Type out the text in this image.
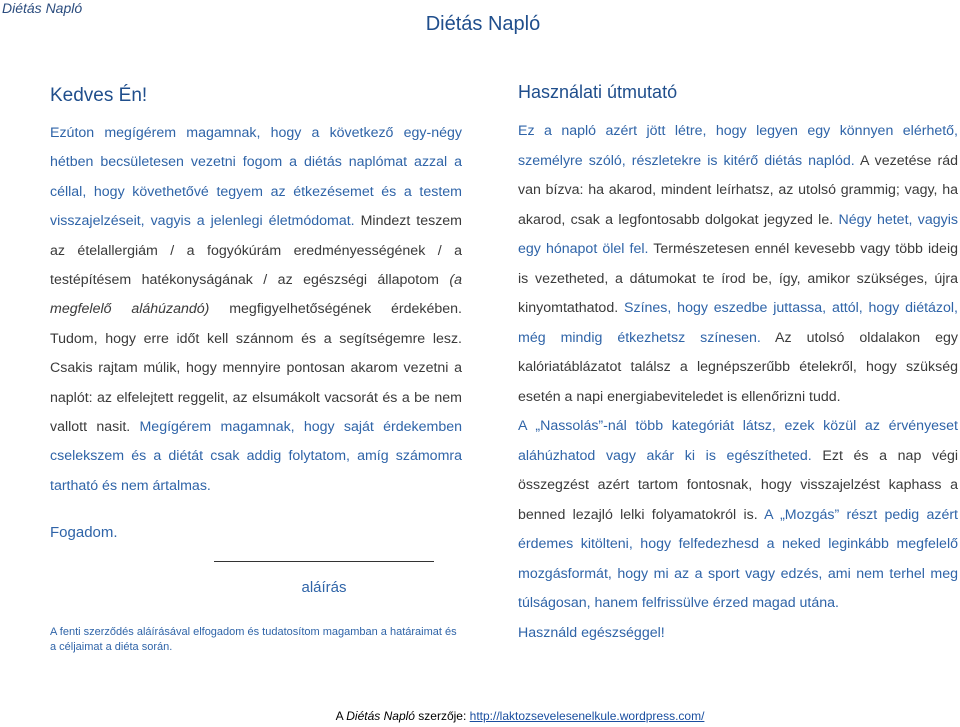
Diétás Napló
Diétás Napló
Kedves Én!

Ezúton megígérem magamnak, hogy a következő egy-négy hétben becsületesen vezetni fogom a diétás naplómat azzal a céllal, hogy követhetővé tegyem az étkezésemet és a testem visszajelzéseit, vagyis a jelenlegi életmódomat. Mindezt teszem az ételallergiám / a fogyókúrám eredményességének / a testépítésem hatékonyságának / az egészségi állapotom (a megfelelő aláhúzandó) megfigyelhetőségének érdekében. Tudom, hogy erre időt kell szánnom és a segítségemre lesz. Csakis rajtam múlik, hogy mennyire pontosan akarom vezetni a naplót: az elfelejtett reggelit, az elsumákolt vacsorát és a be nem vallott nasit. Megígérem magamnak, hogy saját érdekemben cselekszem és a diétát csak addig folytatom, amíg számomra tartható és nem ártalmas.

Fogadom.
aláírás

A fenti szerződés aláírásával elfogadom és tudatosítom magamban a határaimat és a céljaimat a diéta során.

Használati útmutató

Ez a napló azért jött létre, hogy legyen egy könnyen elérhető, személyre szóló, részletekre is kitérő diétás naplód. A vezetése rád van bízva: ha akarod, mindent leírhatsz, az utolsó grammig; vagy, ha akarod, csak a legfontosabb dolgokat jegyzed le. Négy hetet, vagyis egy hónapot ölel fel. Természetesen ennél kevesebb vagy több ideig is vezetheted, a dátumokat te írod be, így, amikor szükséges, újra kinyomtathatod. Színes, hogy eszedbe juttassa, attól, hogy diétázol, még mindig étkezhetsz színesen. Az utolsó oldalakon egy kalóriatáblázatot találsz a legnépszerűbb ételekről, hogy szükség esetén a napi energiabeviteledet is ellenőrizni tudd.

A „Nassolás”-nál több kategóriát látsz, ezek közül az érvényeset aláhúzhatod vagy akár ki is egészítheted. Ezt és a nap végi összegzést azért tartom fontosnak, hogy visszajelzést kaphass a benned lezajló lelki folyamatokról is. A „Mozgás” részt pedig azért érdemes kitölteni, hogy felfedezhesd a neked leginkább megfelelő mozgásformát, hogy mi az a sport vagy edzés, ami nem terhel meg túlságosan, hanem felfrissülve érzed magad utána.

Használd egészséggel!

A Diétás Napló szerzője: http://laktozsevelesenelkule.wordpress.com/
